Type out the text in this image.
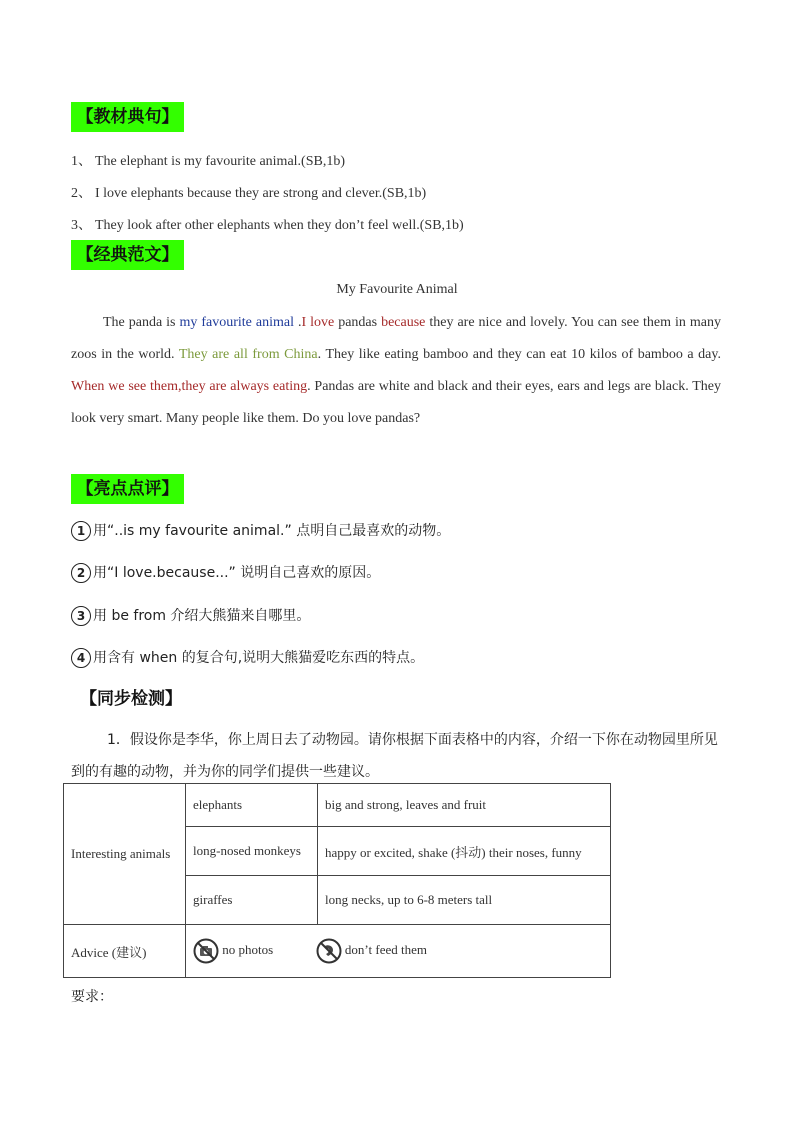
【教材典句】
1、 The elephant is my favourite animal.(SB,1b)
2、 I love elephants because they are strong and clever.(SB,1b)
3、 They look after other elephants when they don’t feel well.(SB,1b)
【经典范文】
My Favourite Animal
The panda is my favourite animal .I love pandas because they are nice and lovely. You can see them in many zoos in the world. They are all from China. They like eating bamboo and they can eat 10 kilos of bamboo a day. When we see them,they are always eating. Pandas are white and black and their eyes, ears and legs are black. They look very smart. Many people like them. Do you love pandas?
【亮点点评】
1 用“..is my favourite animal.” 点明自己最喜欢的动物。
2 用“I love.because...” 说明自己喜欢的原因。
3 用 be from 介绍大熊猫来自哪里。
4 用含有 when 的复合句,说明大熊猫爱吃东西的特点。
【同步检测】
1．假设你是李华，你上周日去了动物园。请你根据下面表格中的内容，介绍一下你在动物园里所见到的有趣的动物，并为你的同学们提供一些建议。
Interesting animals	elephants	big and strong, leaves and fruit
	long-nosed monkeys	happy or excited, shake (抖动) their noses, funny
	giraffes	long necks, up to 6-8 meters tall
Advice (建议)	no photos don’t feed them	
要求：
